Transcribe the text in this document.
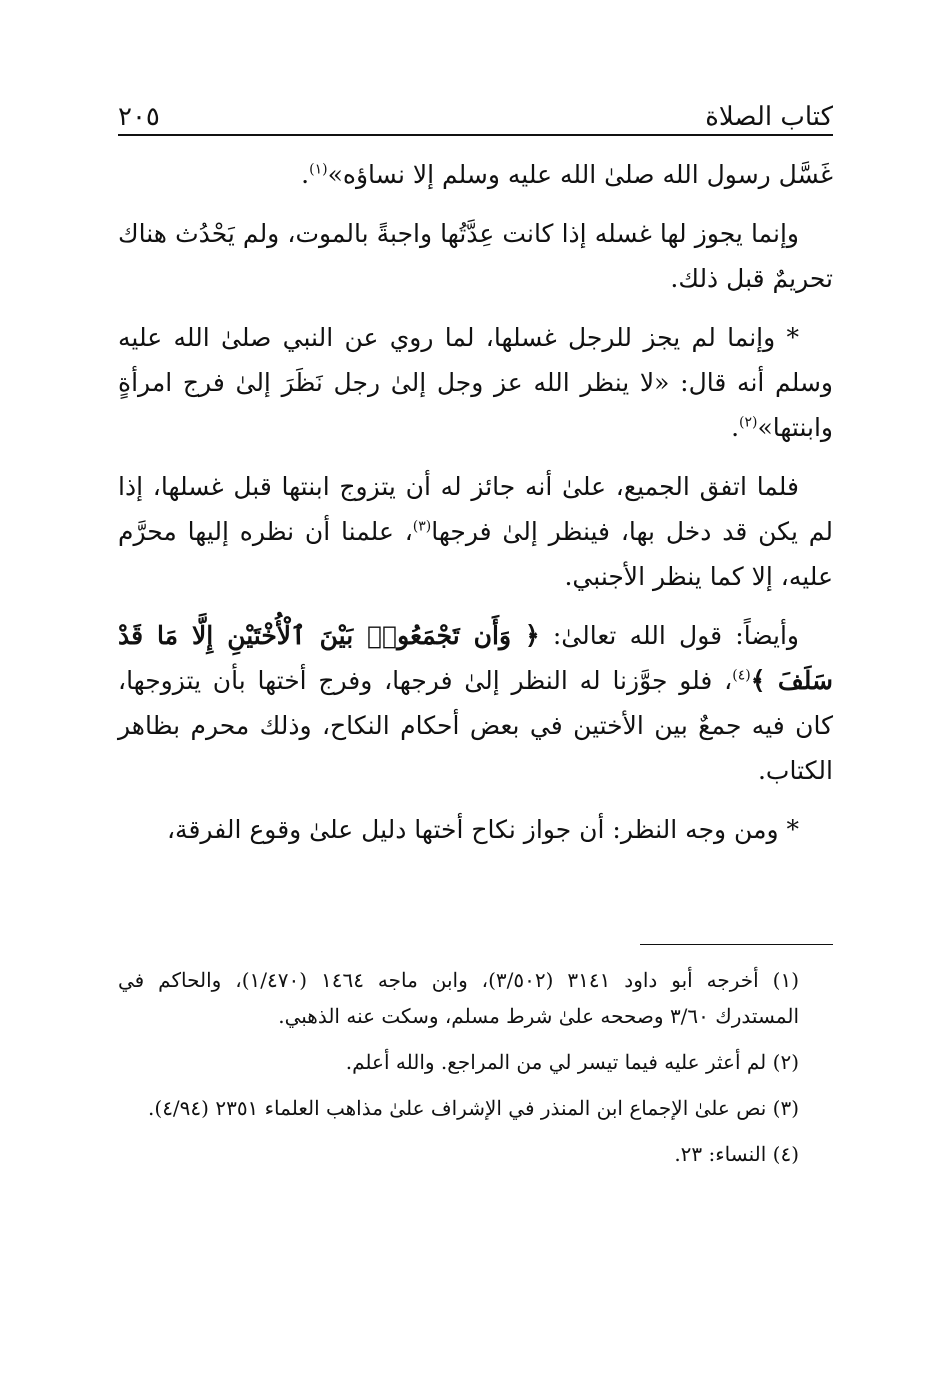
كتاب الصلاة
٢٠٥

غَسَّل رسول الله صلىٰ الله عليه وسلم إلا نساؤه»$^{(١)}$.

وإنما يجوز لها غسله إذا كانت عِدَّتُها واجبةً بالموت، ولم يَحْدُث هناك تحريمٌ قبل ذلك.

* وإنما لم يجز للرجل غسلها، لما روي عن النبي صلىٰ الله عليه وسلم أنه قال: «لا ينظر الله عز وجل إلىٰ رجل نَظَرَ إلىٰ فرج امرأةٍ وابنتها»$^{(٢)}$.

فلما اتفق الجميع، علىٰ أنه جائز له أن يتزوج ابنتها قبل غسلها، إذا لم يكن قد دخل بها، فينظر إلىٰ فرجها$^{(٣)}$، علمنا أن نظره إليها محرَّم عليه، إلا كما ينظر الأجنبي.

وأيضاً: قول الله تعالىٰ: ﴿ وَأَن تَجْمَعُوا۟ بَيْنَ ٱلْأُخْتَيْنِ إِلَّا مَا قَدْ سَلَفَ ﴾$^{(٤)}$، فلو جوَّزنا له النظر إلىٰ فرجها، وفرج أختها بأن يتزوجها، كان فيه جمعٌ بين الأختين في بعض أحكام النكاح، وذلك محرم بظاهر الكتاب.

* ومن وجه النظر: أن جواز نكاح أختها دليل علىٰ وقوع الفرقة،

(١) أخرجه أبو داود ٣١٤١ (٣/٥٠٢)، وابن ماجه ١٤٦٤ (١/٤٧٠)، والحاكم في المستدرك ٣/٦٠ وصححه علىٰ شرط مسلم، وسكت عنه الذهبي.

(٢) لم أعثر عليه فيما تيسر لي من المراجع. والله أعلم.

(٣) نص علىٰ الإجماع ابن المنذر في الإشراف علىٰ مذاهب العلماء ٢٣٥١ (٤/٩٤).

(٤) النساء: ٢٣.
